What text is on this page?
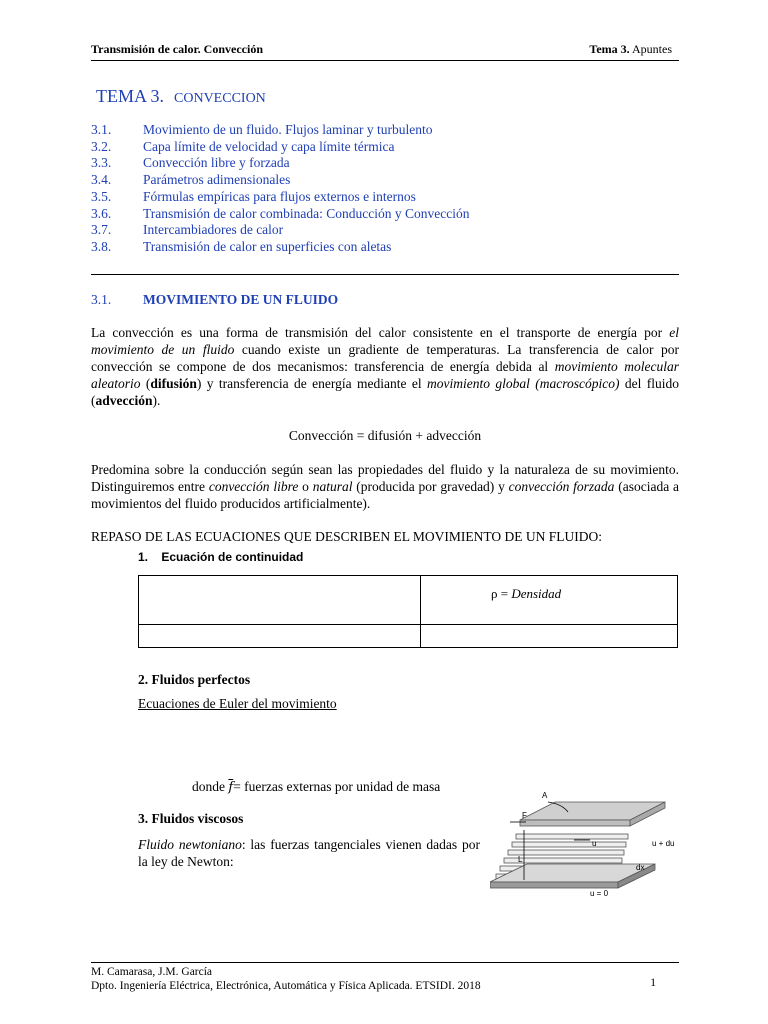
Transmisión de calor. Convección	Tema 3. Apuntes
TEMA 3. CONVECCION
3.1.	Movimiento de un fluido. Flujos laminar y turbulento
3.2.	Capa límite de velocidad y capa límite térmica
3.3.	Convección libre y forzada
3.4.	Parámetros adimensionales
3.5.	Fórmulas empíricas para flujos externos e internos
3.6.	Transmisión de calor combinada: Conducción y Convección
3.7.	Intercambiadores de calor
3.8.	Transmisión de calor en superficies con aletas
3.1.	MOVIMIENTO DE UN FLUIDO
La convección es una forma de transmisión del calor consistente en el transporte de energía por el movimiento de un fluido cuando existe un gradiente de temperaturas. La transferencia de calor por convección se compone de dos mecanismos: transferencia de energía debida al movimiento molecular aleatorio (difusión) y transferencia de energía mediante el movimiento global (macroscópico) del fluido (advección).
Convección = difusión + advección
Predomina sobre la conducción según sean las propiedades del fluido y la naturaleza de su movimiento. Distinguiremos entre convección libre o natural (producida por gravedad) y convección forzada (asociada a movimientos del fluido producidos artificialmente).
REPASO DE LAS ECUACIONES QUE DESCRIBEN EL MOVIMIENTO DE UN FLUIDO:
1. Ecuación de continuidad

	ρ = Densidad

2. Fluidos perfectos
Ecuaciones de Euler del movimiento
donde $\overline{f}=$ fuerzas externas por unidad de masa
3. Fluidos viscosos
Fluido newtoniano: las fuerzas tangenciales vienen dadas por la ley de Newton:
A
F
L
u	u + du
dx
u = 0
M. Camarasa, J.M. García
Dpto. Ingeniería Eléctrica, Electrónica, Automática y Física Aplicada. ETSIDI. 2018	1
